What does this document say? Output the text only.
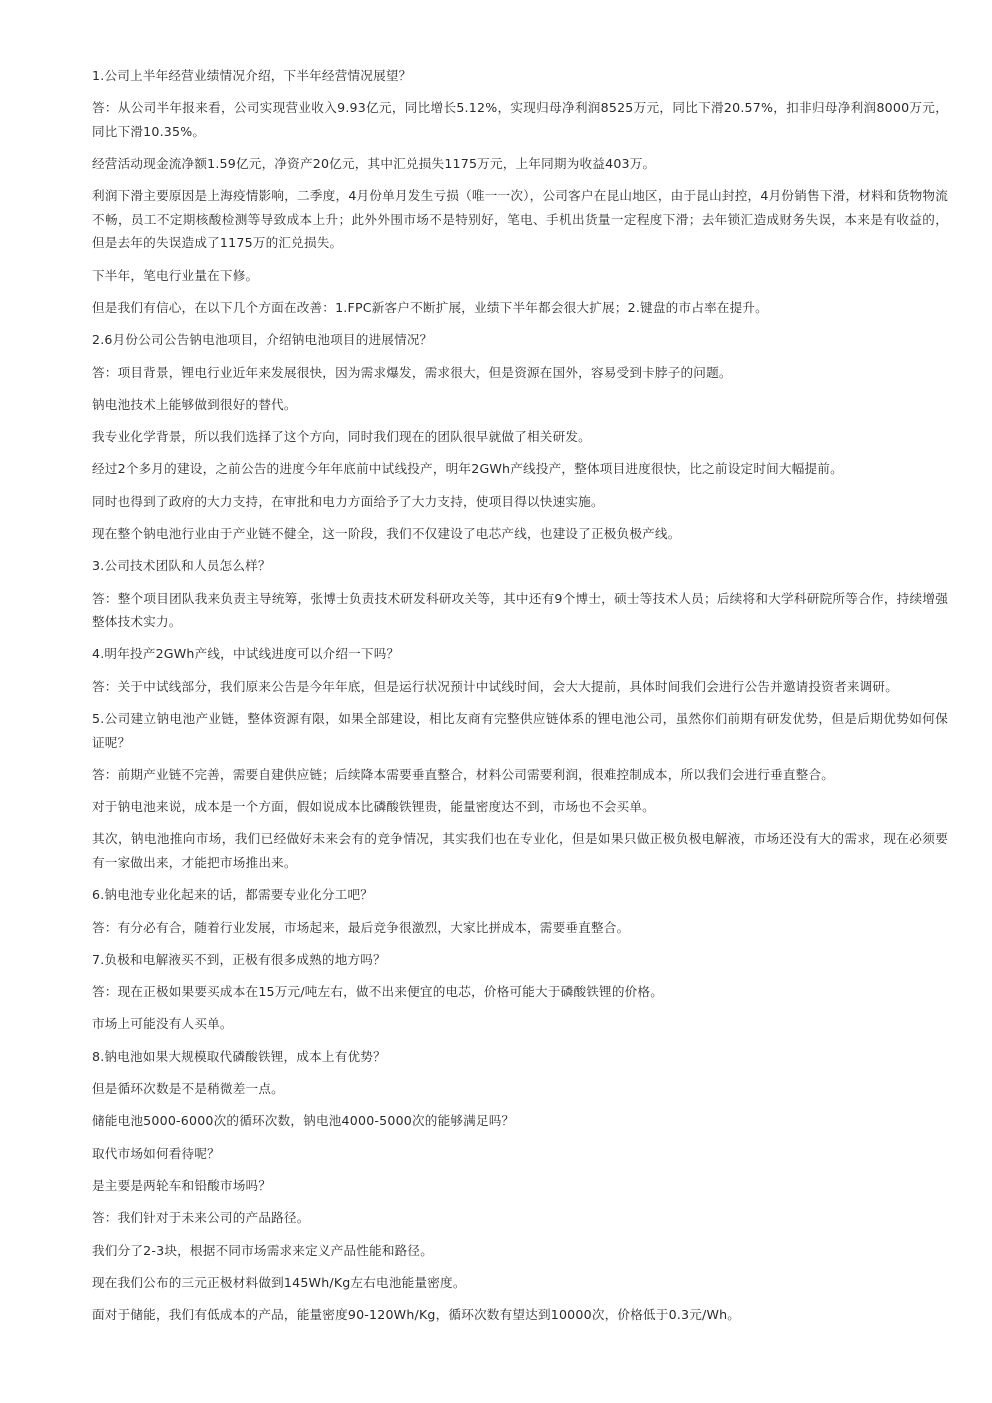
1.公司上半年经营业绩情况介绍，下半年经营情况展望？

答：从公司半年报来看，公司实现营业收入9.93亿元，同比增长5.12%，实现归母净利润8525万元，同比下滑20.57%，扣非归母净利润8000万元，同比下滑10.35%。

经营活动现金流净额1.59亿元，净资产20亿元，其中汇兑损失1175万元，上年同期为收益403万。

利润下滑主要原因是上海疫情影响，二季度，4月份单月发生亏损（唯一一次），公司客户在昆山地区，由于昆山封控，4月份销售下滑，材料和货物物流不畅，员工不定期核酸检测等导致成本上升；此外外围市场不是特别好，笔电、手机出货量一定程度下滑；去年锁汇造成财务失误，本来是有收益的，但是去年的失误造成了1175万的汇兑损失。

下半年，笔电行业量在下修。

但是我们有信心，在以下几个方面在改善：1.FPC新客户不断扩展，业绩下半年都会很大扩展；2.键盘的市占率在提升。

2.6月份公司公告钠电池项目，介绍钠电池项目的进展情况？

答：项目背景，锂电行业近年来发展很快，因为需求爆发，需求很大，但是资源在国外，容易受到卡脖子的问题。

钠电池技术上能够做到很好的替代。

我专业化学背景，所以我们选择了这个方向，同时我们现在的团队很早就做了相关研发。

经过2个多月的建设，之前公告的进度今年年底前中试线投产，明年2GWh产线投产，整体项目进度很快，比之前设定时间大幅提前。

同时也得到了政府的大力支持，在审批和电力方面给予了大力支持，使项目得以快速实施。

现在整个钠电池行业由于产业链不健全，这一阶段，我们不仅建设了电芯产线，也建设了正极负极产线。

3.公司技术团队和人员怎么样？

答：整个项目团队我来负责主导统筹，张博士负责技术研发科研攻关等，其中还有9个博士，硕士等技术人员；后续将和大学科研院所等合作，持续增强整体技术实力。

4.明年投产2GWh产线，中试线进度可以介绍一下吗？

答：关于中试线部分，我们原来公告是今年年底，但是运行状况预计中试线时间，会大大提前，具体时间我们会进行公告并邀请投资者来调研。

5.公司建立钠电池产业链，整体资源有限，如果全部建设，相比友商有完整供应链体系的锂电池公司，虽然你们前期有研发优势，但是后期优势如何保证呢？

答：前期产业链不完善，需要自建供应链；后续降本需要垂直整合，材料公司需要利润，很难控制成本，所以我们会进行垂直整合。

对于钠电池来说，成本是一个方面，假如说成本比磷酸铁锂贵，能量密度达不到，市场也不会买单。

其次，钠电池推向市场，我们已经做好未来会有的竞争情况，其实我们也在专业化，但是如果只做正极负极电解液，市场还没有大的需求，现在必须要有一家做出来，才能把市场推出来。

6.钠电池专业化起来的话，都需要专业化分工吧？

答：有分必有合，随着行业发展，市场起来，最后竞争很激烈，大家比拼成本，需要垂直整合。

7.负极和电解液买不到，正极有很多成熟的地方吗？

答：现在正极如果要买成本在15万元/吨左右，做不出来便宜的电芯，价格可能大于磷酸铁锂的价格。

市场上可能没有人买单。

8.钠电池如果大规模取代磷酸铁锂，成本上有优势？

但是循环次数是不是稍微差一点。

储能电池5000-6000次的循环次数，钠电池4000-5000次的能够满足吗？

取代市场如何看待呢？

是主要是两轮车和铅酸市场吗？

答：我们针对于未来公司的产品路径。

我们分了2-3块，根据不同市场需求来定义产品性能和路径。

现在我们公布的三元正极材料做到145Wh/Kg左右电池能量密度。

面对于储能，我们有低成本的产品，能量密度90-120Wh/Kg，循环次数有望达到10000次，价格低于0.3元/Wh。
